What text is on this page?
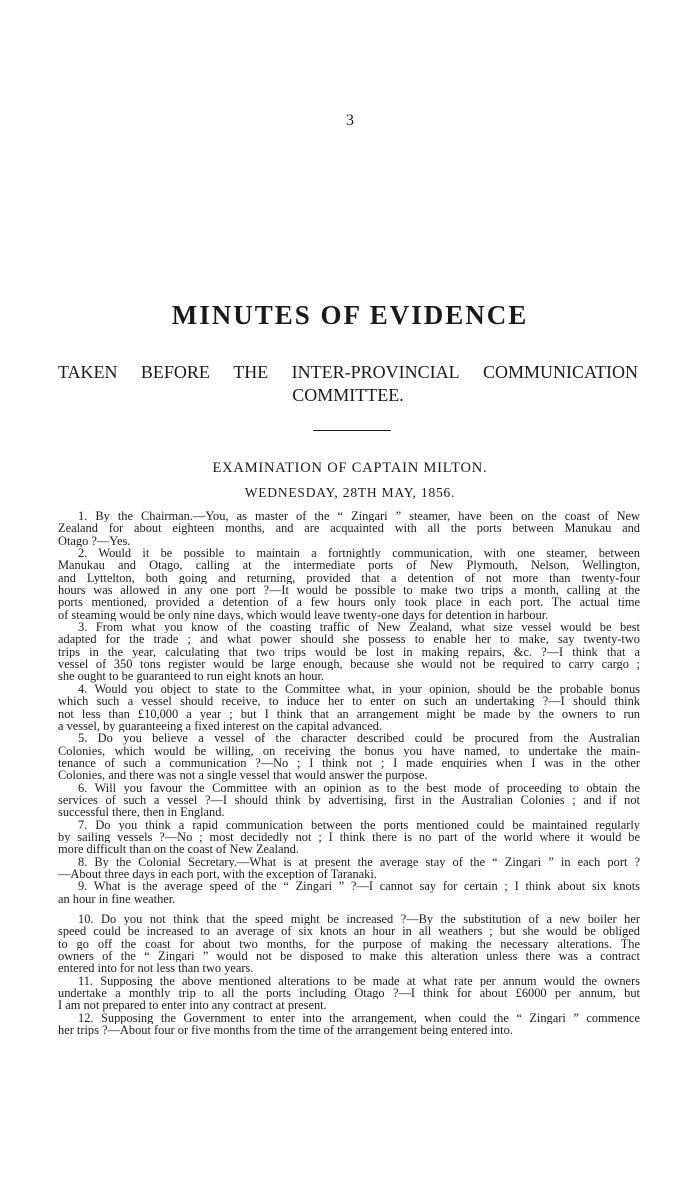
3
MINUTES OF EVIDENCE
TAKEN BEFORE THE INTER-PROVINCIAL COMMUNICATION
COMMITTEE.
EXAMINATION OF CAPTAIN MILTON.
WEDNESDAY, 28TH MAY, 1856.
1. By the Chairman.—You, as master of the “ Zingari ” steamer, have been on the coast of New
Zealand for about eighteen months, and are acquainted with all the ports between Manukau and
Otago ?—Yes.
2. Would it be possible to maintain a fortnightly communication, with one steamer, between
Manukau and Otago, calling at the intermediate ports of New Plymouth, Nelson, Wellington,
and Lyttelton, both going and returning, provided that a detention of not more than twenty-four
hours was allowed in any one port ?—It would be possible to make two trips a month, calling at the
ports mentioned, provided a detention of a few hours only took place in each port. The actual time
of steaming would be only nine days, which would leave twenty-one days for detention in harbour.
3. From what you know of the coasting traffic of New Zealand, what size vessel would be best
adapted for the trade ; and what power should she possess to enable her to make, say twenty-two
trips in the year, calculating that two trips would be lost in making repairs, &c. ?—I think that a
vessel of 350 tons register would be large enough, because she would not be required to carry cargo ;
she ought to be guaranteed to run eight knots an hour.
4. Would you object to state to the Committee what, in your opinion, should be the probable bonus
which such a vessel should receive, to induce her to enter on such an undertaking ?—I should think
not less than £10,000 a year ; but I think that an arrangement might be made by the owners to run
a vessel, by guaranteeing a fixed interest on the capital advanced.
5. Do you believe a vessel of the character described could be procured from the Australian
Colonies, which would be willing, on receiving the bonus you have named, to undertake the main-
tenance of such a communication ?—No ; I think not ; I made enquiries when I was in the other
Colonies, and there was not a single vessel that would answer the purpose.
6. Will you favour the Committee with an opinion as to the best mode of proceeding to obtain the
services of such a vessel ?—I should think by advertising, first in the Australian Colonies ; and if not
successful there, then in England.
7. Do you think a rapid communication between the ports mentioned could be maintained regularly
by sailing vessels ?—No ; most decidedly not ; I think there is no part of the world where it would be
more difficult than on the coast of New Zealand.
8. By the Colonial Secretary.—What is at present the average stay of the “ Zingari ” in each port ?
—About three days in each port, with the exception of Taranaki.
9. What is the average speed of the “ Zingari ” ?—I cannot say for certain ; I think about six knots
an hour in fine weather.
10. Do you not think that the speed might be increased ?—By the substitution of a new boiler her
speed could be increased to an average of six knots an hour in all weathers ; but she would be obliged
to go off the coast for about two months, for the purpose of making the necessary alterations. The
owners of the “ Zingari ” would not be disposed to make this alteration unless there was a contract
entered into for not less than two years.
11. Supposing the above mentioned alterations to be made at what rate per annum would the owners
undertake a monthly trip to all the ports including Otago ?—I think for about £6000 per annum, but
I am not prepared to enter into any contract at present.
12. Supposing the Government to enter into the arrangement, when could the “ Zingari ” commence
her trips ?—About four or five months from the time of the arrangement being entered into.
